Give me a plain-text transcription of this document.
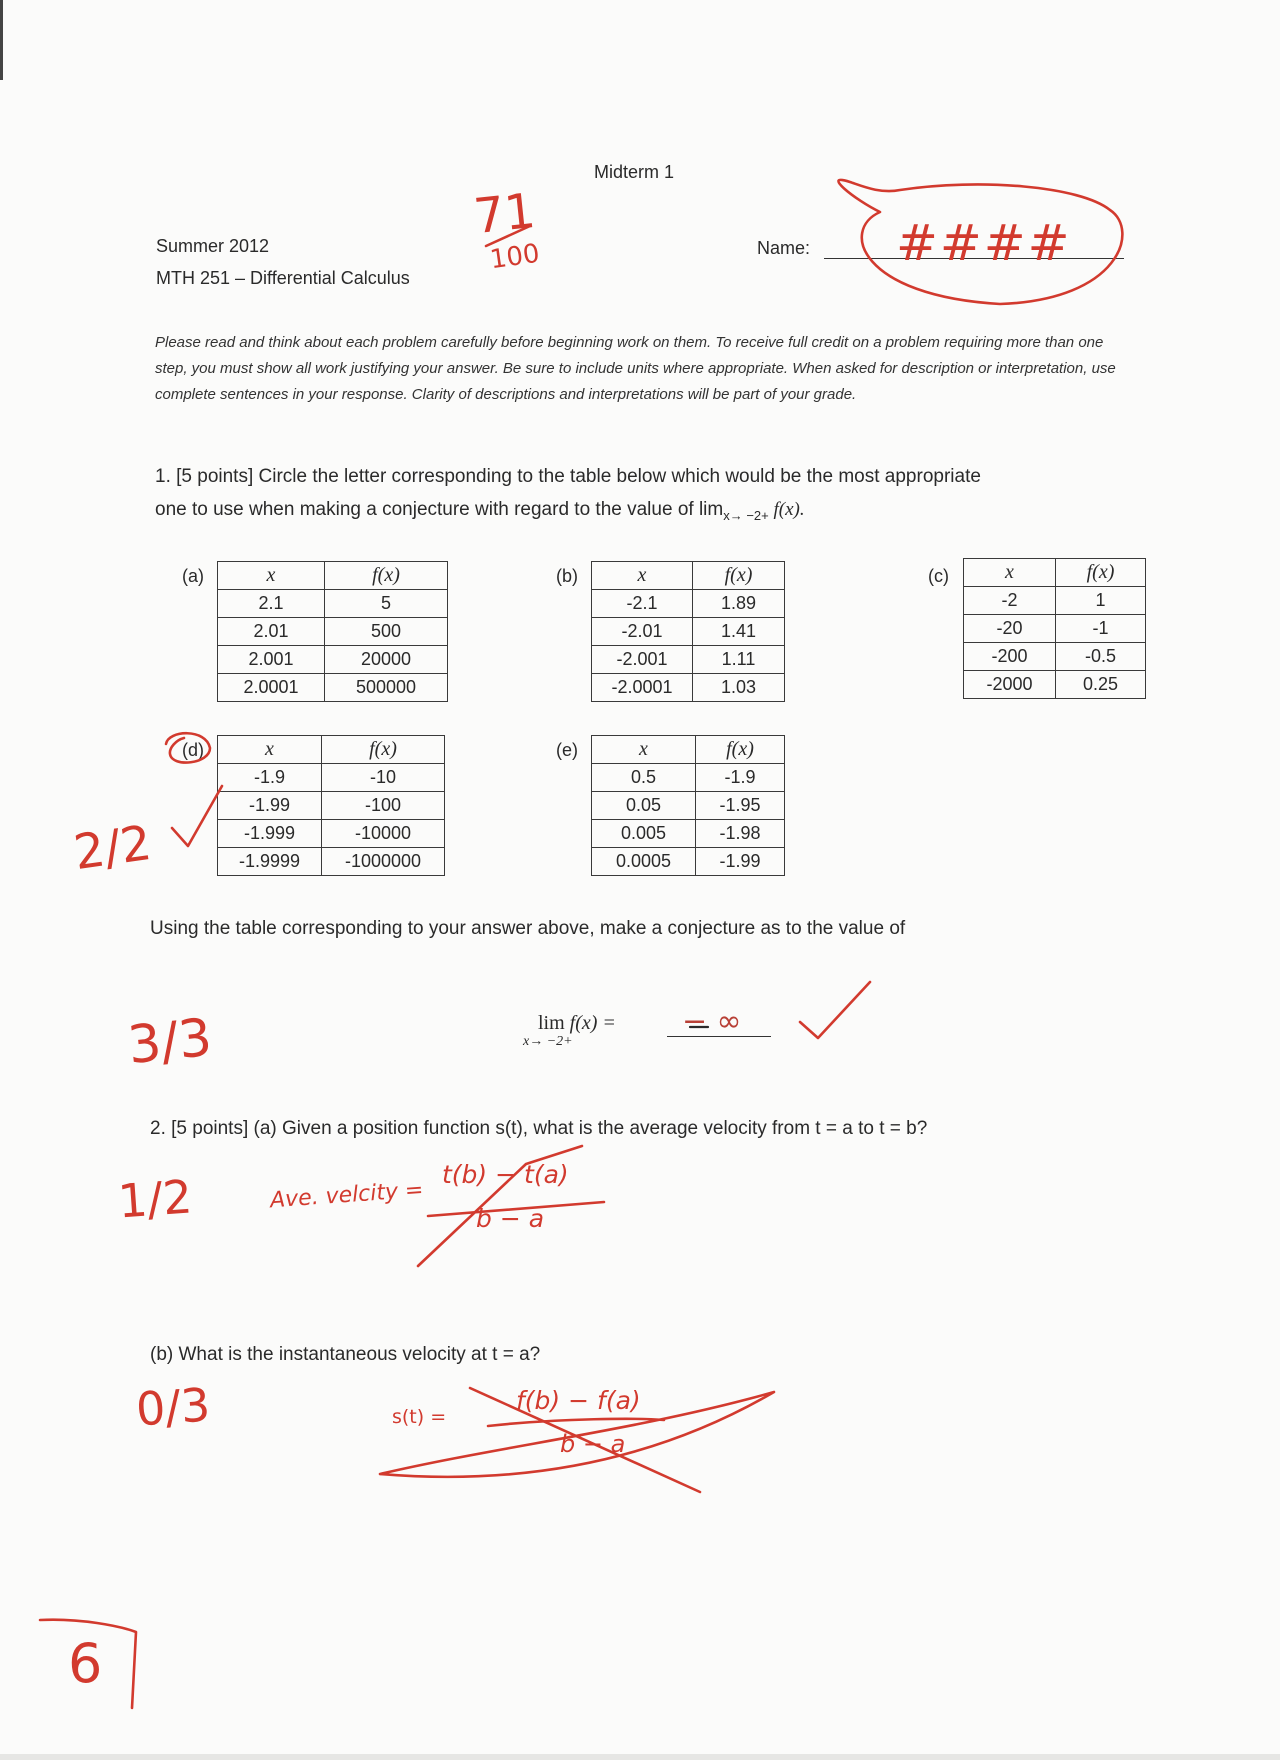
Midterm 1
Summer 2012
MTH 251 – Differential Calculus
Name:
Please read and think about each problem carefully before beginning work on them. To receive full credit on a problem requiring more than one step, you must show all work justifying your answer. Be sure to include units where appropriate. When asked for description or interpretation, use complete sentences in your response. Clarity of descriptions and interpretations will be part of your grade.
1. [5 points] Circle the letter corresponding to the table below which would be the most appropriate
one to use when making a conjecture with regard to the value of $\lim_{x\to -2+} f(x)$.
(a)	x	f(x)
2.1	5
2.01	500
2.001	20000
2.0001	500000
(b)	x	f(x)
-2.1	1.89
-2.01	1.41
-2.001	1.11
-2.0001	1.03
(c)	x	f(x)
-2	1
-20	-1
-200	-0.5
-2000	0.25
(d)	x	f(x)
-1.9	-10
-1.99	-100
-1.999	-10000
-1.9999	-1000000
(e)	x	f(x)
0.5	-1.9
0.05	-1.95
0.005	-1.98
0.0005	-1.99
Using the table corresponding to your answer above, make a conjecture as to the value of
lim f(x) =
x→ −2+
2. [5 points] (a) Given a position function s(t), what is the average velocity from t = a to t = b?
(b) What is the instantaneous velocity at t = a?
71
100	####
2/2
3/3	− ∞
1/2	Ave. velcity =
t(b) − t(a)
b − a
0/3	s(t) =
f(b) − f(a)
b − a
6
